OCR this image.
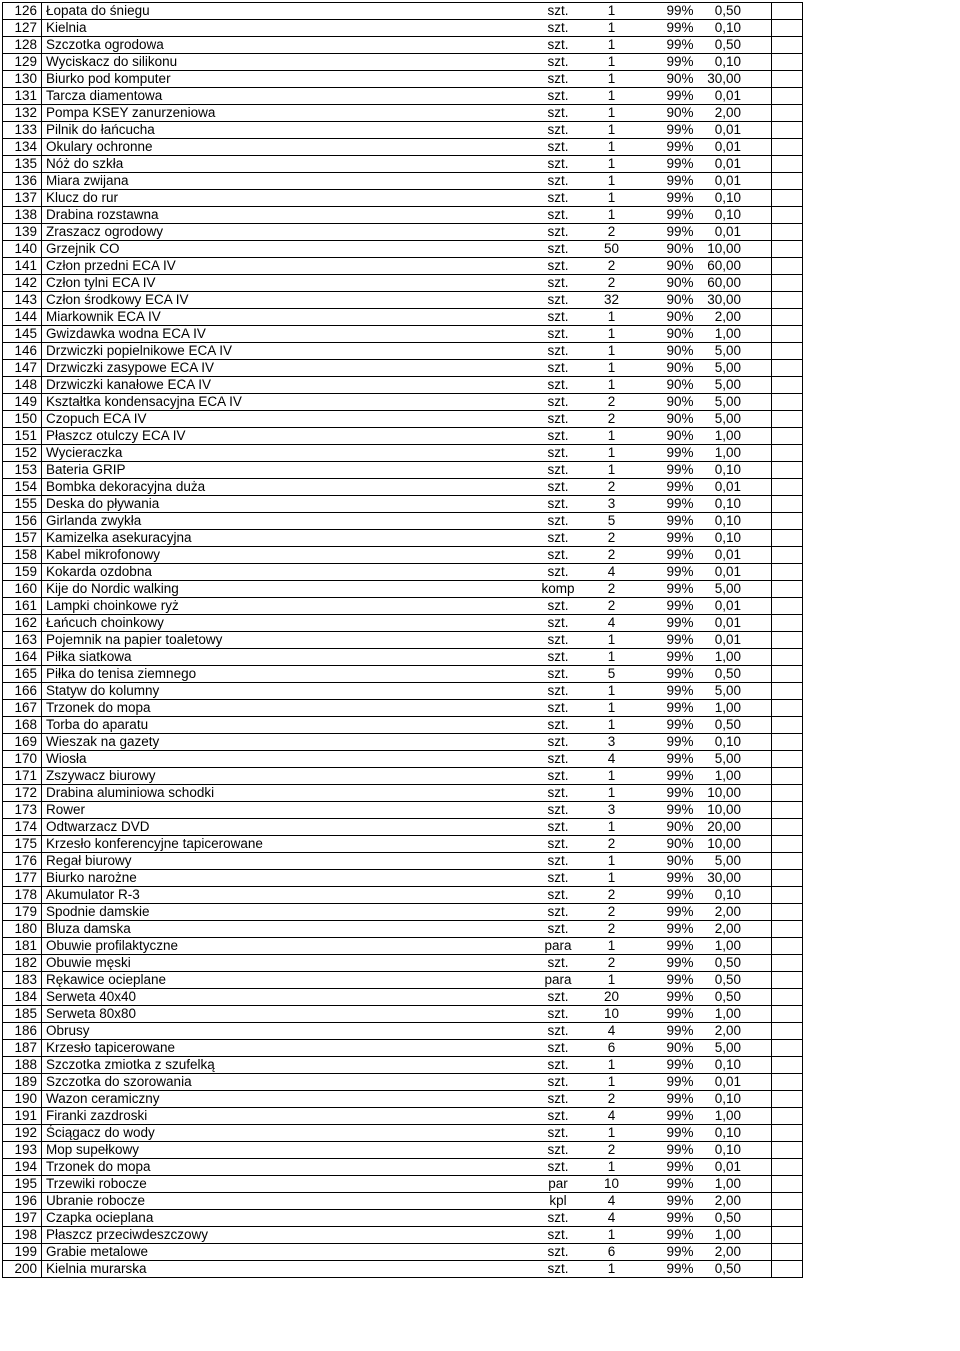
126	Łopata do śniegu	szt.	1	99%	0,50	
127	Kielnia	szt.	1	99%	0,10	
128	Szczotka ogrodowa	szt.	1	99%	0,50	
129	Wyciskacz do silikonu	szt.	1	99%	0,10	
130	Biurko pod komputer	szt.	1	90%	30,00	
131	Tarcza diamentowa	szt.	1	99%	0,01	
132	Pompa KSEY zanurzeniowa	szt.	1	90%	2,00	
133	Pilnik do łańcucha	szt.	1	99%	0,01	
134	Okulary ochronne	szt.	1	99%	0,01	
135	Nóż do szkła	szt.	1	99%	0,01	
136	Miara zwijana	szt.	1	99%	0,01	
137	Klucz do rur	szt.	1	99%	0,10	
138	Drabina rozstawna	szt.	1	99%	0,10	
139	Zraszacz ogrodowy	szt.	2	99%	0,01	
140	Grzejnik CO	szt.	50	90%	10,00	
141	Człon przedni ECA IV	szt.	2	90%	60,00	
142	Człon tylni ECA IV	szt.	2	90%	60,00	
143	Człon środkowy ECA IV	szt.	32	90%	30,00	
144	Miarkownik ECA IV	szt.	1	90%	2,00	
145	Gwizdawka wodna ECA IV	szt.	1	90%	1,00	
146	Drzwiczki popielnikowe ECA IV	szt.	1	90%	5,00	
147	Drzwiczki zasypowe ECA IV	szt.	1	90%	5,00	
148	Drzwiczki kanałowe ECA IV	szt.	1	90%	5,00	
149	Kształtka kondensacyjna ECA IV	szt.	2	90%	5,00	
150	Czopuch ECA IV	szt.	2	90%	5,00	
151	Płaszcz otulczy ECA IV	szt.	1	90%	1,00	
152	Wycieraczka	szt.	1	99%	1,00	
153	Bateria GRIP	szt.	1	99%	0,10	
154	Bombka dekoracyjna duża	szt.	2	99%	0,01	
155	Deska do pływania	szt.	3	99%	0,10	
156	Girlanda zwykła	szt.	5	99%	0,10	
157	Kamizelka asekuracyjna	szt.	2	99%	0,10	
158	Kabel mikrofonowy	szt.	2	99%	0,01	
159	Kokarda ozdobna	szt.	4	99%	0,01	
160	Kije do Nordic walking	komp	2	99%	5,00	
161	Lampki choinkowe ryż	szt.	2	99%	0,01	
162	Łańcuch choinkowy	szt.	4	99%	0,01	
163	Pojemnik na papier toaletowy	szt.	1	99%	0,01	
164	Piłka siatkowa	szt.	1	99%	1,00	
165	Piłka do tenisa ziemnego	szt.	5	99%	0,50	
166	Statyw do kolumny	szt.	1	99%	5,00	
167	Trzonek do mopa	szt.	1	99%	1,00	
168	Torba do aparatu	szt.	1	99%	0,50	
169	Wieszak na gazety	szt.	3	99%	0,10	
170	Wiosła	szt.	4	99%	5,00	
171	Zszywacz biurowy	szt.	1	99%	1,00	
172	Drabina aluminiowa schodki	szt.	1	99%	10,00	
173	Rower	szt.	3	99%	10,00	
174	Odtwarzacz DVD	szt.	1	90%	20,00	
175	Krzesło konferencyjne tapicerowane	szt.	2	90%	10,00	
176	Regał biurowy	szt.	1	90%	5,00	
177	Biurko narożne	szt.	1	99%	30,00	
178	Akumulator R-3	szt.	2	99%	0,10	
179	Spodnie damskie	szt.	2	99%	2,00	
180	Bluza damska	szt.	2	99%	2,00	
181	Obuwie profilaktyczne	para	1	99%	1,00	
182	Obuwie męski	szt.	2	99%	0,50	
183	Rękawice ocieplane	para	1	99%	0,50	
184	Serweta 40x40	szt.	20	99%	0,50	
185	Serweta 80x80	szt.	10	99%	1,00	
186	Obrusy	szt.	4	99%	2,00	
187	Krzesło tapicerowane	szt.	6	90%	5,00	
188	Szczotka zmiotka z szufelką	szt.	1	99%	0,10	
189	Szczotka do szorowania	szt.	1	99%	0,01	
190	Wazon ceramiczny	szt.	2	99%	0,10	
191	Firanki zazdroski	szt.	4	99%	1,00	
192	Ściągacz do wody	szt.	1	99%	0,10	
193	Mop supełkowy	szt.	2	99%	0,10	
194	Trzonek do mopa	szt.	1	99%	0,01	
195	Trzewiki robocze	par	10	99%	1,00	
196	Ubranie robocze	kpl	4	99%	2,00	
197	Czapka ocieplana	szt.	4	99%	0,50	
198	Płaszcz przeciwdeszczowy	szt.	1	99%	1,00	
199	Grabie metalowe	szt.	6	99%	2,00	
200	Kielnia murarska	szt.	1	99%	0,50	
